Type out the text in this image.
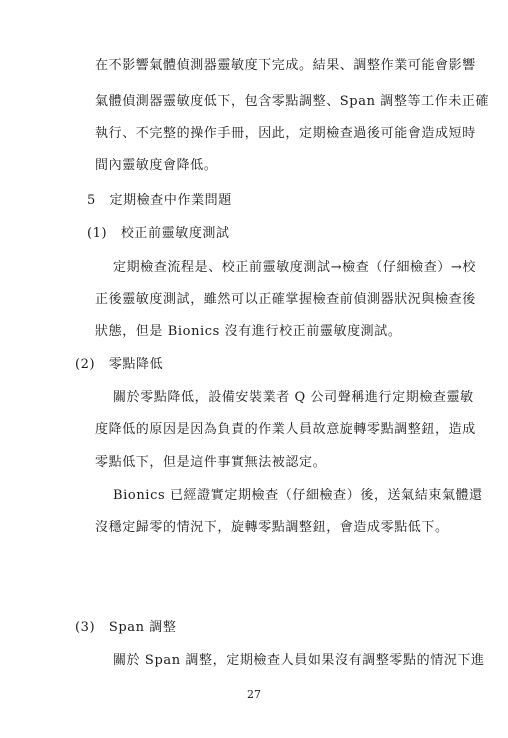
在不影響氣體偵測器靈敏度下完成。結果、調整作業可能會影響
氣體偵測器靈敏度低下，包含零點調整、Span 調整等工作未正確
執行、不完整的操作手冊，因此，定期檢查過後可能會造成短時
間內靈敏度會降低。
5　定期檢查中作業問題
(1)　校正前靈敏度測試
定期檢查流程是、校正前靈敏度測試→檢查（仔細檢查）→校
正後靈敏度測試，雖然可以正確掌握檢查前偵測器狀況與檢查後
狀態，但是 Bionics 沒有進行校正前靈敏度測試。
(2)　零點降低
關於零點降低，設備安裝業者 Q 公司聲稱進行定期檢查靈敏
度降低的原因是因為負責的作業人員故意旋轉零點調整鈕，造成
零點低下，但是這件事實無法被認定。
Bionics 已經證實定期檢查（仔細檢查）後，送氣結束氣體還
沒穩定歸零的情況下，旋轉零點調整鈕，會造成零點低下。
(3)　Span 調整
關於 Span 調整，定期檢查人員如果沒有調整零點的情況下進
27
